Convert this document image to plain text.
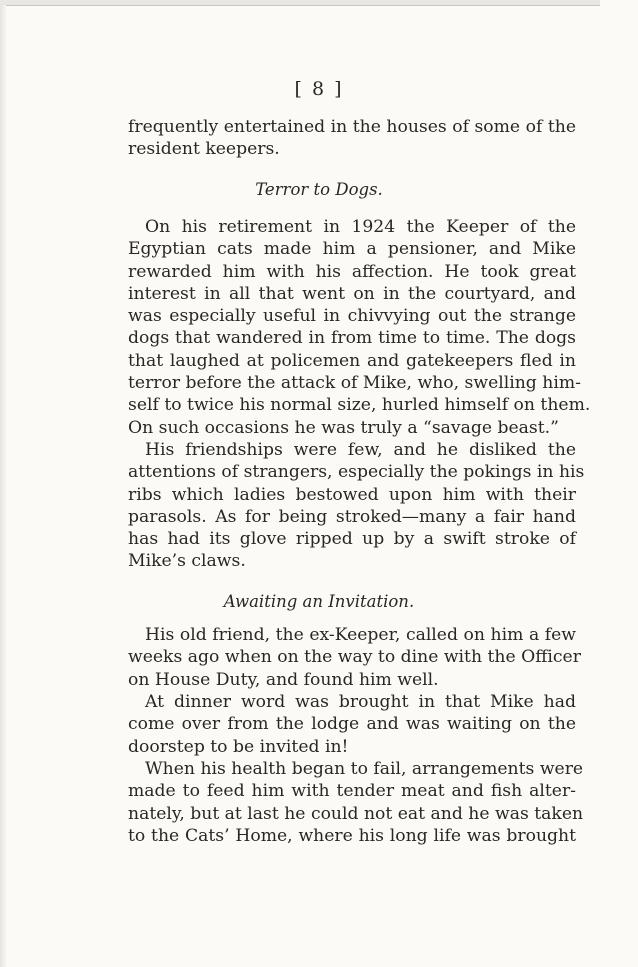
[ 8 ]
frequently entertained in the houses of some of the
resident keepers.
Terror to Dogs.
On his retirement in 1924 the Keeper of the
Egyptian cats made him a pensioner, and Mike
rewarded him with his affection. He took great
interest in all that went on in the courtyard, and
was especially useful in chivvying out the strange
dogs that wandered in from time to time. The dogs
that laughed at policemen and gatekeepers fled in
terror before the attack of Mike, who, swelling him-
self to twice his normal size, hurled himself on them.
On such occasions he was truly a “savage beast.”
His friendships were few, and he disliked the
attentions of strangers, especially the pokings in his
ribs which ladies bestowed upon him with their
parasols. As for being stroked—many a fair hand
has had its glove ripped up by a swift stroke of
Mike’s claws.
Awaiting an Invitation.
His old friend, the ex-Keeper, called on him a few
weeks ago when on the way to dine with the Officer
on House Duty, and found him well.
At dinner word was brought in that Mike had
come over from the lodge and was waiting on the
doorstep to be invited in!
When his health began to fail, arrangements were
made to feed him with tender meat and fish alter-
nately, but at last he could not eat and he was taken
to the Cats’ Home, where his long life was brought
